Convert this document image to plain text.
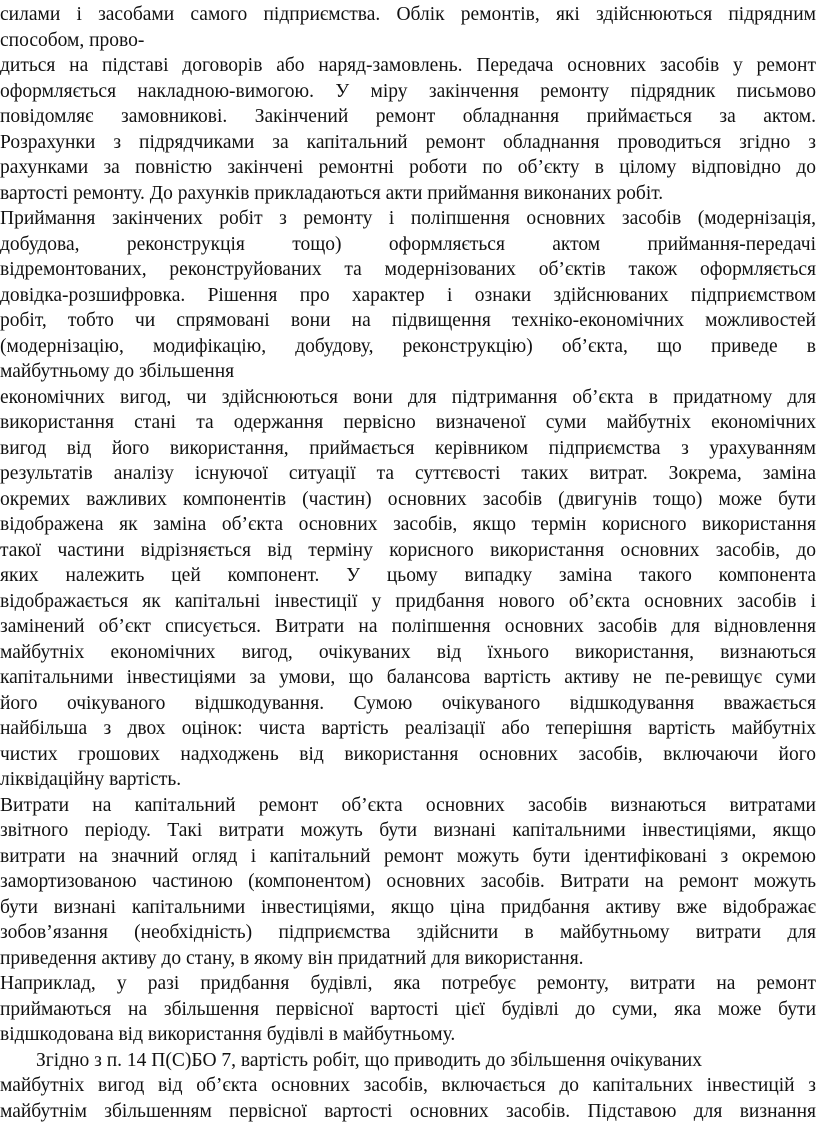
силами і засобами самого підприємства. Облік ремонтів, які здійснюються підрядним
способом, прово-
диться на підставі договорів або наряд-замовлень. Передача основних засобів у ремонт
оформляється накладною-вимогою. У міру закінчення ремонту підрядник письмово
повідомляє замовникові. Закінчений ремонт обладнання приймається за актом.
Розрахунки з підрядчиками за капітальний ремонт обладнання проводиться згідно з
рахунками за повністю закінчені ремонтні роботи по об’єкту в цілому відповідно до
вартості ремонту. До рахунків прикладаються акти приймання виконаних робіт.
Приймання закінчених робіт з ремонту і поліпшення основних засобів (модернізація,
добудова, реконструкція тощо) оформляється актом приймання-передачі
відремонтованих, реконструйованих та модернізованих об’єктів також оформляється
довідка-розшифровка. Рішення про характер і ознаки здійснюваних підприємством
робіт, тобто чи спрямовані вони на підвищення техніко-економічних можливостей
(модернізацію, модифікацію, добудову, реконструкцію) об’єкта, що приведе в
майбутньому до збільшення
економічних вигод, чи здійснюються вони для підтримання об’єкта в придатному для
використання стані та одержання первісно визначеної суми майбутніх економічних
вигод від його використання, приймається керівником підприємства з урахуванням
результатів аналізу існуючої ситуації та суттєвості таких витрат. Зокрема, заміна
окремих важливих компонентів (частин) основних засобів (двигунів тощо) може бути
відображена як заміна об’єкта основних засобів, якщо термін корисного використання
такої частини відрізняється від терміну корисного використання основних засобів, до
яких належить цей компонент. У цьому випадку заміна такого компонента
відображається як капітальні інвестиції у придбання нового об’єкта основних засобів і
замінений об’єкт списується. Витрати на поліпшення основних засобів для відновлення
майбутніх економічних вигод, очікуваних від їхнього використання, визнаються
капітальними інвестиціями за умови, що балансова вартість активу не пе-ревищує суми
його очікуваного відшкодування. Сумою очікуваного відшкодування вважається
найбільша з двох оцінок: чиста вартість реалізації або теперішня вартість майбутніх
чистих грошових надходжень від використання основних засобів, включаючи його
ліквідаційну вартість.
Витрати на капітальний ремонт об’єкта основних засобів визнаються витратами
звітного періоду. Такі витрати можуть бути визнані капітальними інвестиціями, якщо
витрати на значний огляд і капітальний ремонт можуть бути ідентифіковані з окремою
замортизованою частиною (компонентом) основних засобів. Витрати на ремонт можуть
бути визнані капітальними інвестиціями, якщо ціна придбання активу вже відображає
зобов’язання (необхідність) підприємства здійснити в майбутньому витрати для
приведення активу до стану, в якому він придатний для використання.
Наприклад, у разі придбання будівлі, яка потребує ремонту, витрати на ремонт
приймаються на збільшення первісної вартості цієї будівлі до суми, яка може бути
відшкодована від використання будівлі в майбутньому.
Згідно з п. 14 П(С)БО 7, вартість робіт, що приводить до збільшення очікуваних
майбутніх вигод від об’єкта основних засобів, включається до капітальних інвестицій з
майбутнім збільшенням первісної вартості основних засобів. Підставою для визнання
